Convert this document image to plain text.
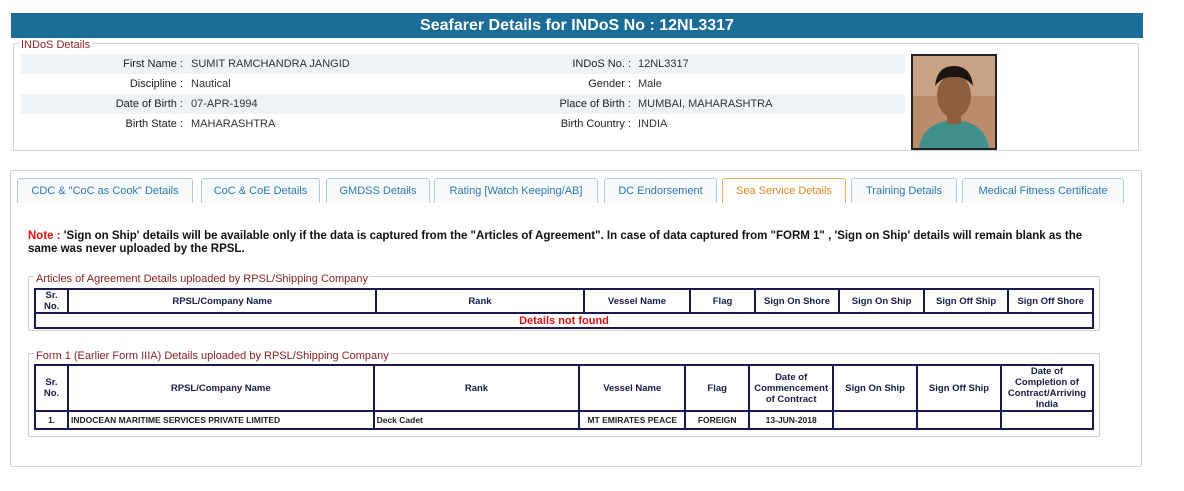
Seafarer Details for INDoS No : 12NL3317
INDoS Details
First Name : SUMIT RAMCHANDRA JANGID	INDoS No. : 12NL3317
Discipline : Nautical	Gender : Male
Date of Birth : 07-APR-1994	Place of Birth : MUMBAI, MAHARASHTRA
Birth State : MAHARASHTRA	Birth Country : INDIA
CDC & "CoC as Cook" Details	CoC & CoE Details	GMDSS Details	Rating [Watch Keeping/AB]	DC Endorsement	Sea Service Details	Training Details	Medical Fitness Certificate
Note : 'Sign on Ship' details will be available only if the data is captured from the "Articles of Agreement". In case of data captured from "FORM 1" , 'Sign on Ship' details will remain blank as the same was never uploaded by the RPSL.
Articles of Agreement Details uploaded by RPSL/Shipping Company
Sr. No.	RPSL/Company Name	Rank	Vessel Name	Flag	Sign On Shore	Sign On Ship	Sign Off Ship	Sign Off Shore
Details not found
Form 1 (Earlier Form IIIA) Details uploaded by RPSL/Shipping Company
Sr. No.	RPSL/Company Name	Rank	Vessel Name	Flag	Date of Commencement of Contract	Sign On Ship	Sign Off Ship	Date of Completion of Contract/Arriving India
1.	INDOCEAN MARITIME SERVICES PRIVATE LIMITED	Deck Cadet	MT EMIRATES PEACE	FOREIGN	13-JUN-2018			
